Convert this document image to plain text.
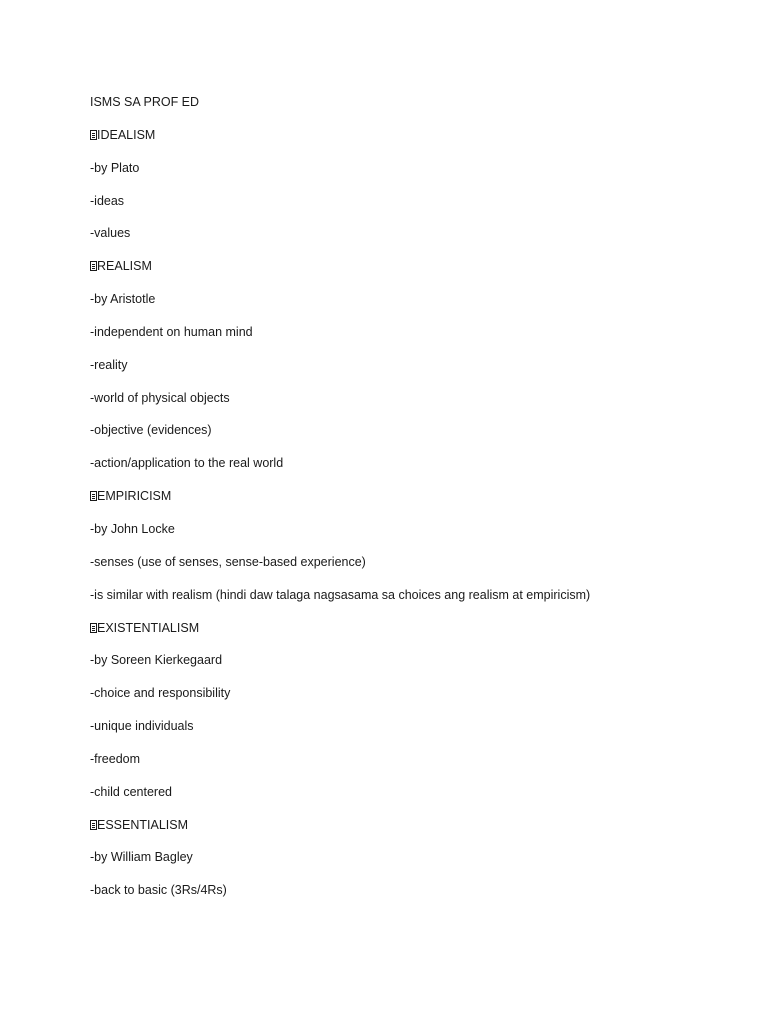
ISMS SA PROF ED
IDEALISM
-by Plato
-ideas
-values
REALISM
-by Aristotle
-independent on human mind
-reality
-world of physical objects
-objective (evidences)
-action/application to the real world
EMPIRICISM
-by John Locke
-senses (use of senses, sense-based experience)
-is similar with realism (hindi daw talaga nagsasama sa choices ang realism at empiricism)
EXISTENTIALISM
-by Soreen Kierkegaard
-choice and responsibility
-unique individuals
-freedom
-child centered
ESSENTIALISM
-by William Bagley
-back to basic (3Rs/4Rs)
